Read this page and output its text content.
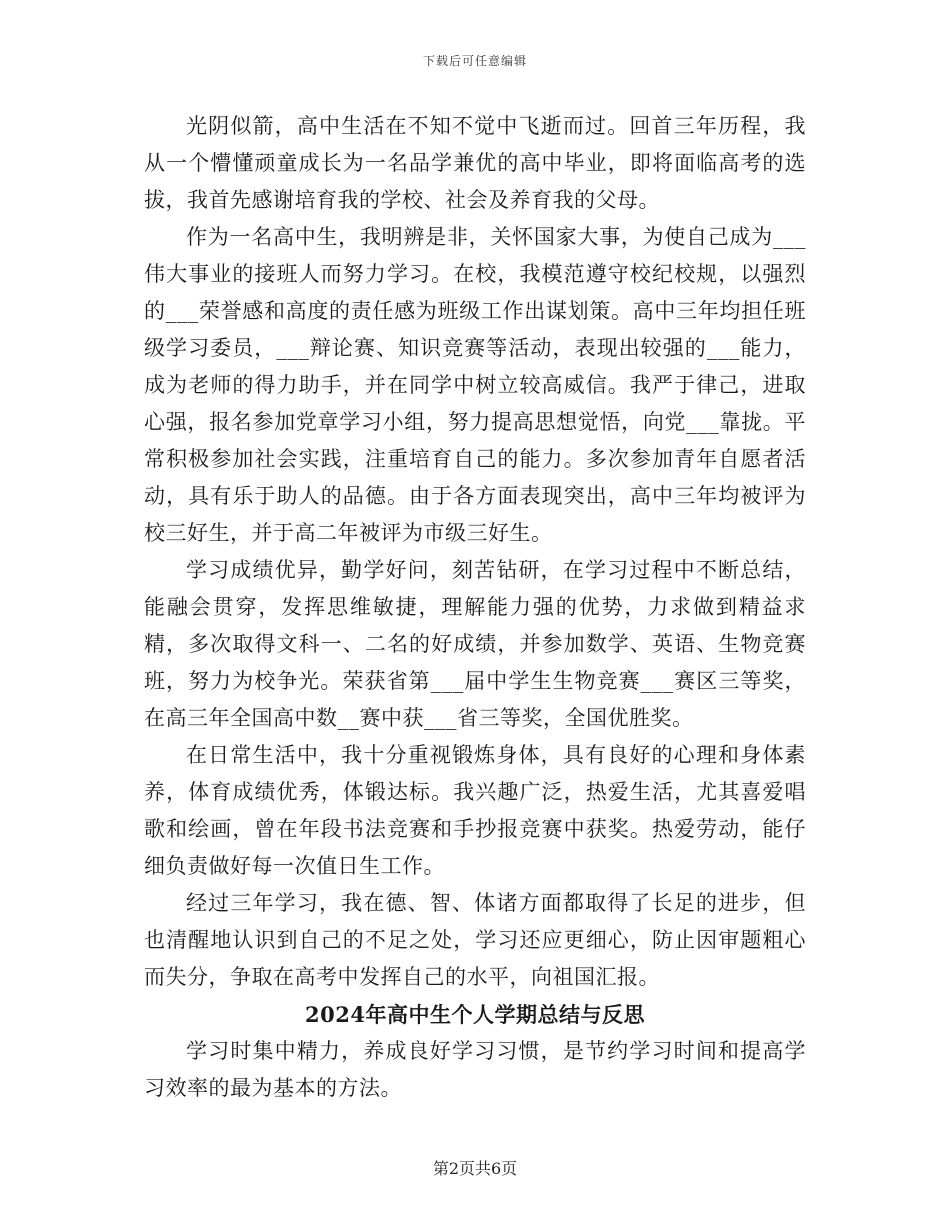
下载后可任意编辑

光阴似箭，高中生活在不知不觉中飞逝而过。回首三年历程，我从一个懵懂顽童成长为一名品学兼优的高中毕业，即将面临高考的选拔，我首先感谢培育我的学校、社会及养育我的父母。

作为一名高中生，我明辨是非，关怀国家大事，为使自己成为___伟大事业的接班人而努力学习。在校，我模范遵守校纪校规，以强烈的___荣誉感和高度的责任感为班级工作出谋划策。高中三年均担任班级学习委员，___辩论赛、知识竞赛等活动，表现出较强的___能力，成为老师的得力助手，并在同学中树立较高威信。我严于律己，进取心强，报名参加党章学习小组，努力提高思想觉悟，向党___靠拢。平常积极参加社会实践，注重培育自己的能力。多次参加青年自愿者活动，具有乐于助人的品德。由于各方面表现突出，高中三年均被评为校三好生，并于高二年被评为市级三好生。

学习成绩优异，勤学好问，刻苦钻研，在学习过程中不断总结，能融会贯穿，发挥思维敏捷，理解能力强的优势，力求做到精益求精，多次取得文科一、二名的好成绩，并参加数学、英语、生物竞赛班，努力为校争光。荣获省第___届中学生生物竞赛___赛区三等奖，在高三年全国高中数__赛中获___省三等奖，全国优胜奖。

在日常生活中，我十分重视锻炼身体，具有良好的心理和身体素养，体育成绩优秀，体锻达标。我兴趣广泛，热爱生活，尤其喜爱唱歌和绘画，曾在年段书法竞赛和手抄报竞赛中获奖。热爱劳动，能仔细负责做好每一次值日生工作。

经过三年学习，我在德、智、体诸方面都取得了长足的进步，但也清醒地认识到自己的不足之处，学习还应更细心，防止因审题粗心而失分，争取在高考中发挥自己的水平，向祖国汇报。

2024年高中生个人学期总结与反思

学习时集中精力，养成良好学习习惯，是节约学习时间和提高学习效率的最为基本的方法。

第2页共6页
